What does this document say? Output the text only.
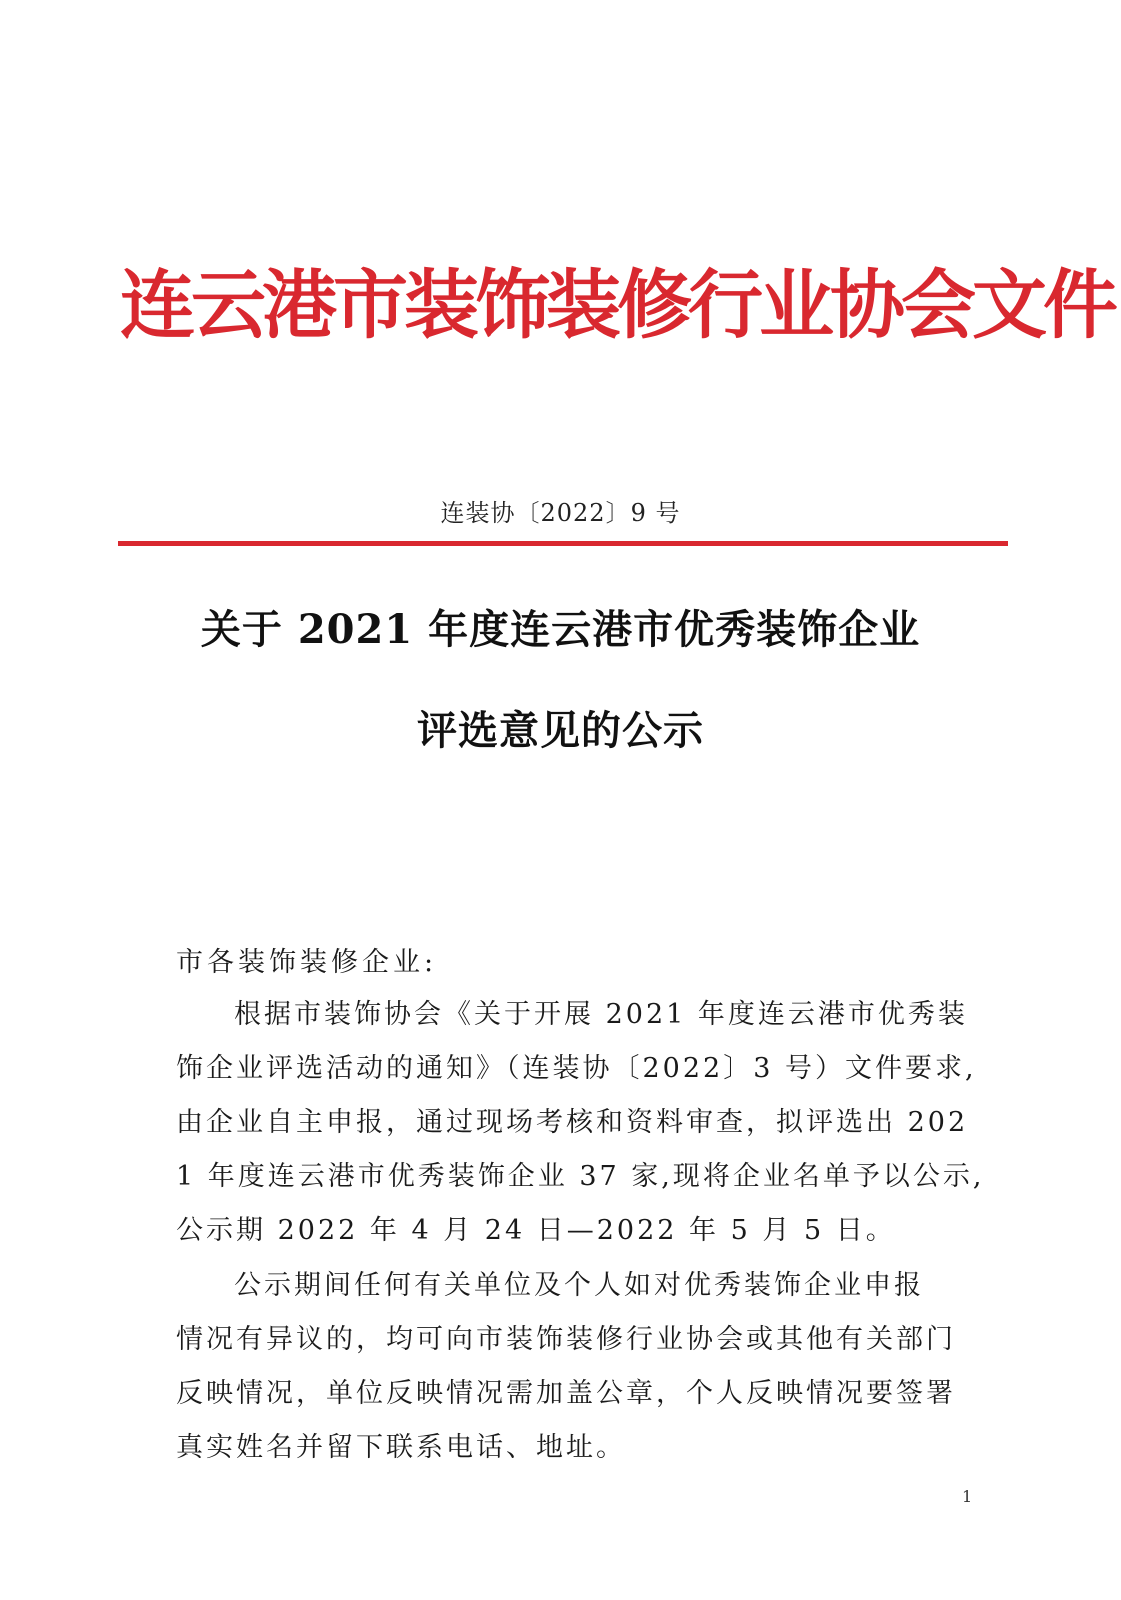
连云港市装饰装修行业协会文件
连装协〔2022〕9 号
关于 2021 年度连云港市优秀装饰企业
评选意见的公示
市各装饰装修企业:
根据市装饰协会《关于开展 2021 年度连云港市优秀装
饰企业评选活动的通知》（连装协〔2022〕3 号）文件要求,
由企业自主申报，通过现场考核和资料审查，拟评选出 202
1 年度连云港市优秀装饰企业 37 家,现将企业名单予以公示,
公示期 2022 年 4 月 24 日—2022 年 5 月 5 日。
公示期间任何有关单位及个人如对优秀装饰企业申报
情况有异议的，均可向市装饰装修行业协会或其他有关部门
反映情况，单位反映情况需加盖公章，个人反映情况要签署
真实姓名并留下联系电话、地址。
1
